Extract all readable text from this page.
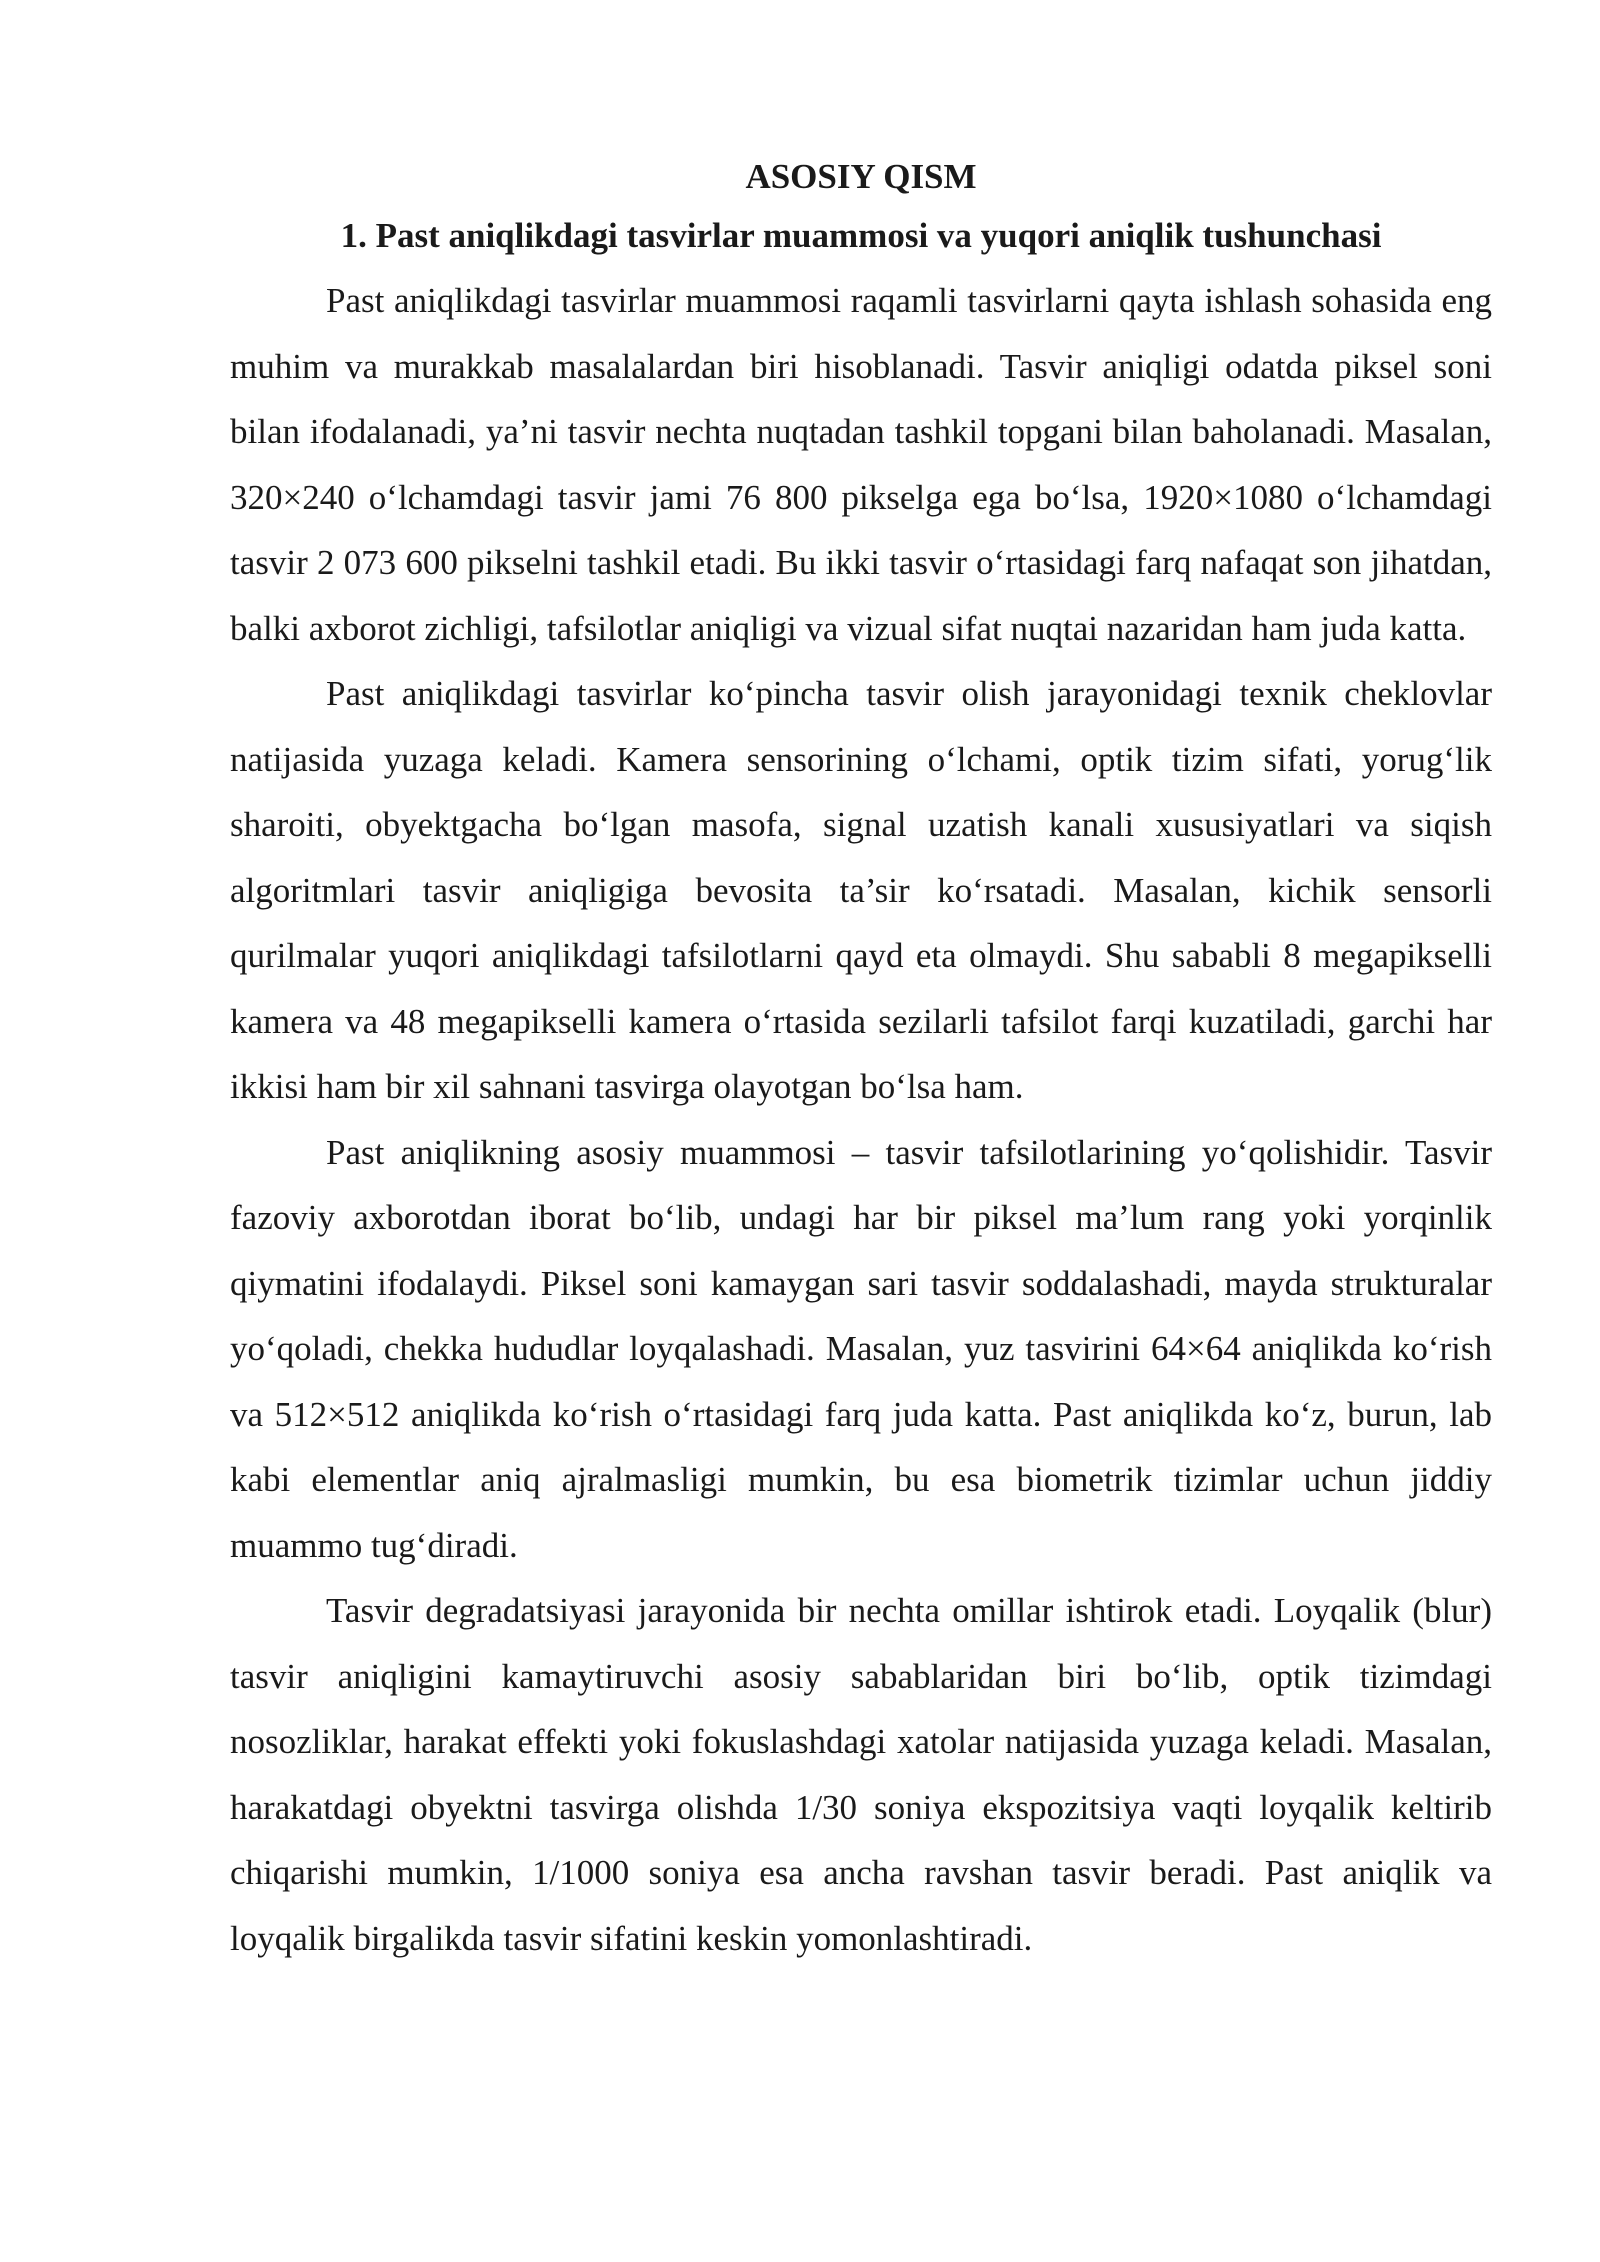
ASOSIY QISM
1. Past aniqlikdagi tasvirlar muammosi va yuqori aniqlik tushunchasi

Past aniqlikdagi tasvirlar muammosi raqamli tasvirlarni qayta ishlash sohasida eng muhim va murakkab masalalardan biri hisoblanadi. Tasvir aniqligi odatda piksel soni bilan ifodalanadi, ya’ni tasvir nechta nuqtadan tashkil topgani bilan baholanadi. Masalan, 320×240 o‘lchamdagi tasvir jami 76 800 pikselga ega bo‘lsa, 1920×1080 o‘lchamdagi tasvir 2 073 600 pikselni tashkil etadi. Bu ikki tasvir o‘rtasidagi farq nafaqat son jihatdan, balki axborot zichligi, tafsilotlar aniqligi va vizual sifat nuqtai nazaridan ham juda katta.

Past aniqlikdagi tasvirlar ko‘pincha tasvir olish jarayonidagi texnik cheklovlar natijasida yuzaga keladi. Kamera sensorining o‘lchami, optik tizim sifati, yorug‘lik sharoiti, obyektgacha bo‘lgan masofa, signal uzatish kanali xususiyatlari va siqish algoritmlari tasvir aniqligiga bevosita ta’sir ko‘rsatadi. Masalan, kichik sensorli qurilmalar yuqori aniqlikdagi tafsilotlarni qayd eta olmaydi. Shu sababli 8 megapikselli kamera va 48 megapikselli kamera o‘rtasida sezilarli tafsilot farqi kuzatiladi, garchi har ikkisi ham bir xil sahnani tasvirga olayotgan bo‘lsa ham.

Past aniqlikning asosiy muammosi – tasvir tafsilotlarining yo‘qolishidir. Tasvir fazoviy axborotdan iborat bo‘lib, undagi har bir piksel ma’lum rang yoki yorqinlik qiymatini ifodalaydi. Piksel soni kamaygan sari tasvir soddalashadi, mayda strukturalar yo‘qoladi, chekka hududlar loyqalashadi. Masalan, yuz tasvirini 64×64 aniqlikda ko‘rish va 512×512 aniqlikda ko‘rish o‘rtasidagi farq juda katta. Past aniqlikda ko‘z, burun, lab kabi elementlar aniq ajralmasligi mumkin, bu esa biometrik tizimlar uchun jiddiy muammo tug‘diradi.

Tasvir degradatsiyasi jarayonida bir nechta omillar ishtirok etadi. Loyqalik (blur) tasvir aniqligini kamaytiruvchi asosiy sabablaridan biri bo‘lib, optik tizimdagi nosozliklar, harakat effekti yoki fokuslashdagi xatolar natijasida yuzaga keladi. Masalan, harakatdagi obyektni tasvirga olishda 1/30 soniya ekspozitsiya vaqti loyqalik keltirib chiqarishi mumkin, 1/1000 soniya esa ancha ravshan tasvir beradi. Past aniqlik va loyqalik birgalikda tasvir sifatini keskin yomonlashtiradi.
